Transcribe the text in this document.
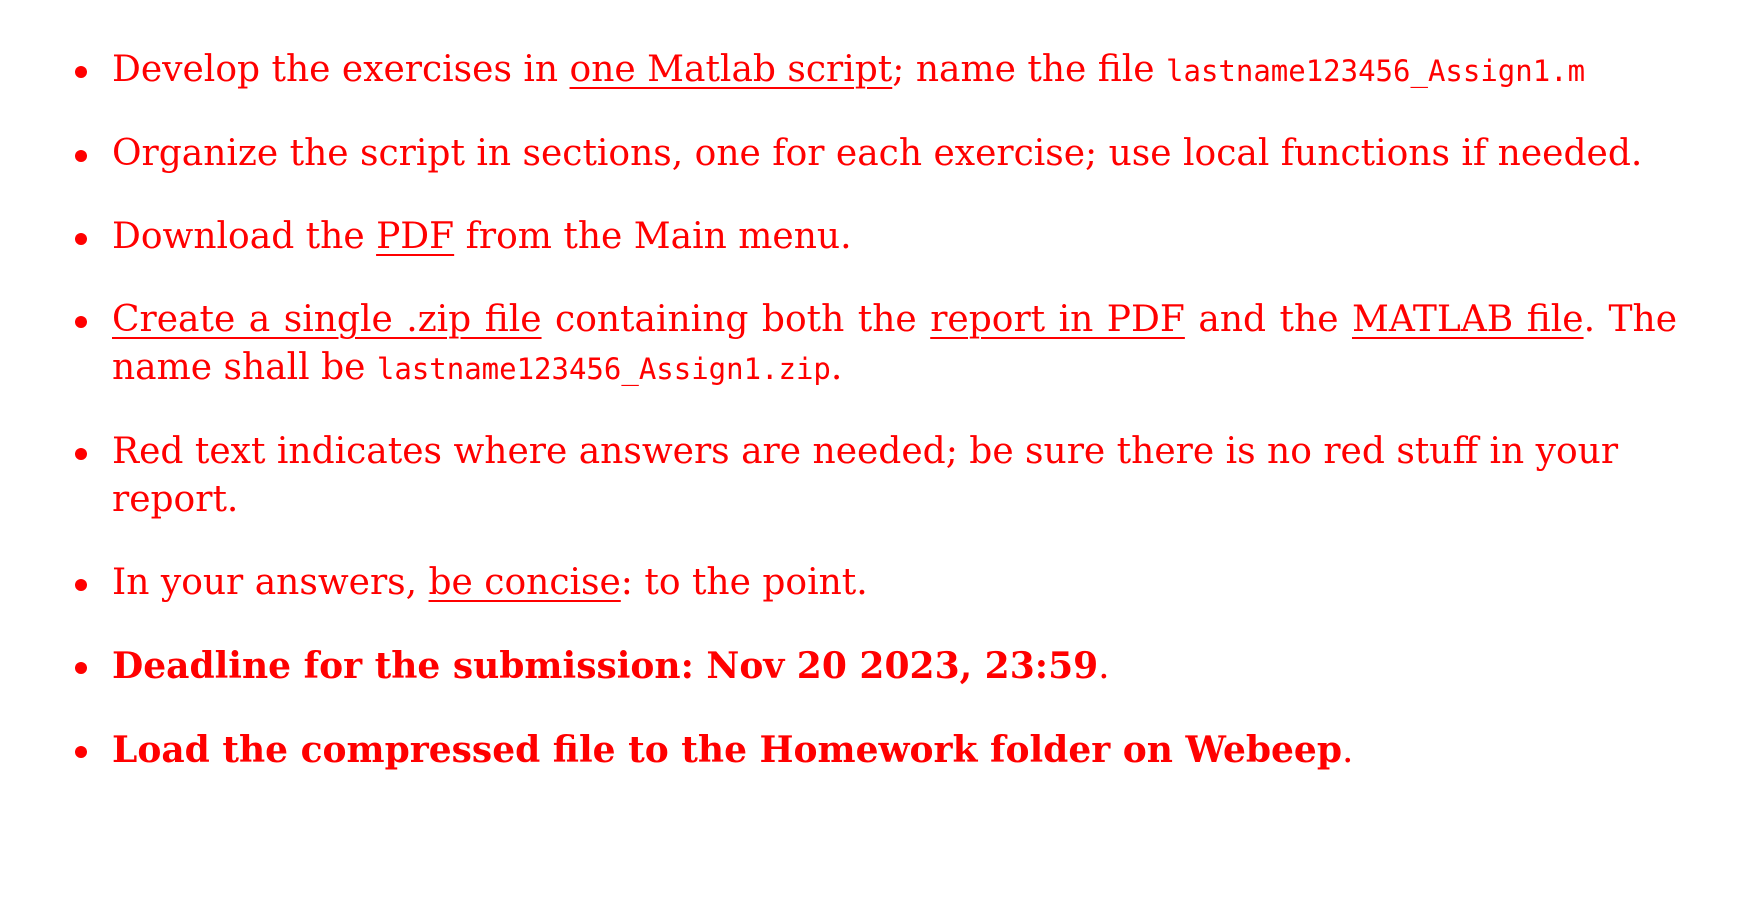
Develop the exercises in one Matlab script; name the file lastname123456_Assign1.m
Organize the script in sections, one for each exercise; use local functions if needed.
Download the PDF from the Main menu.
Create a single .zip file containing both the report in PDF and the MATLAB file. The name shall be lastname123456_Assign1.zip.
Red text indicates where answers are needed; be sure there is no red stuff in your report.
In your answers, be concise: to the point.
Deadline for the submission: Nov 20 2023, 23:59.
Load the compressed file to the Homework folder on Webeep.
